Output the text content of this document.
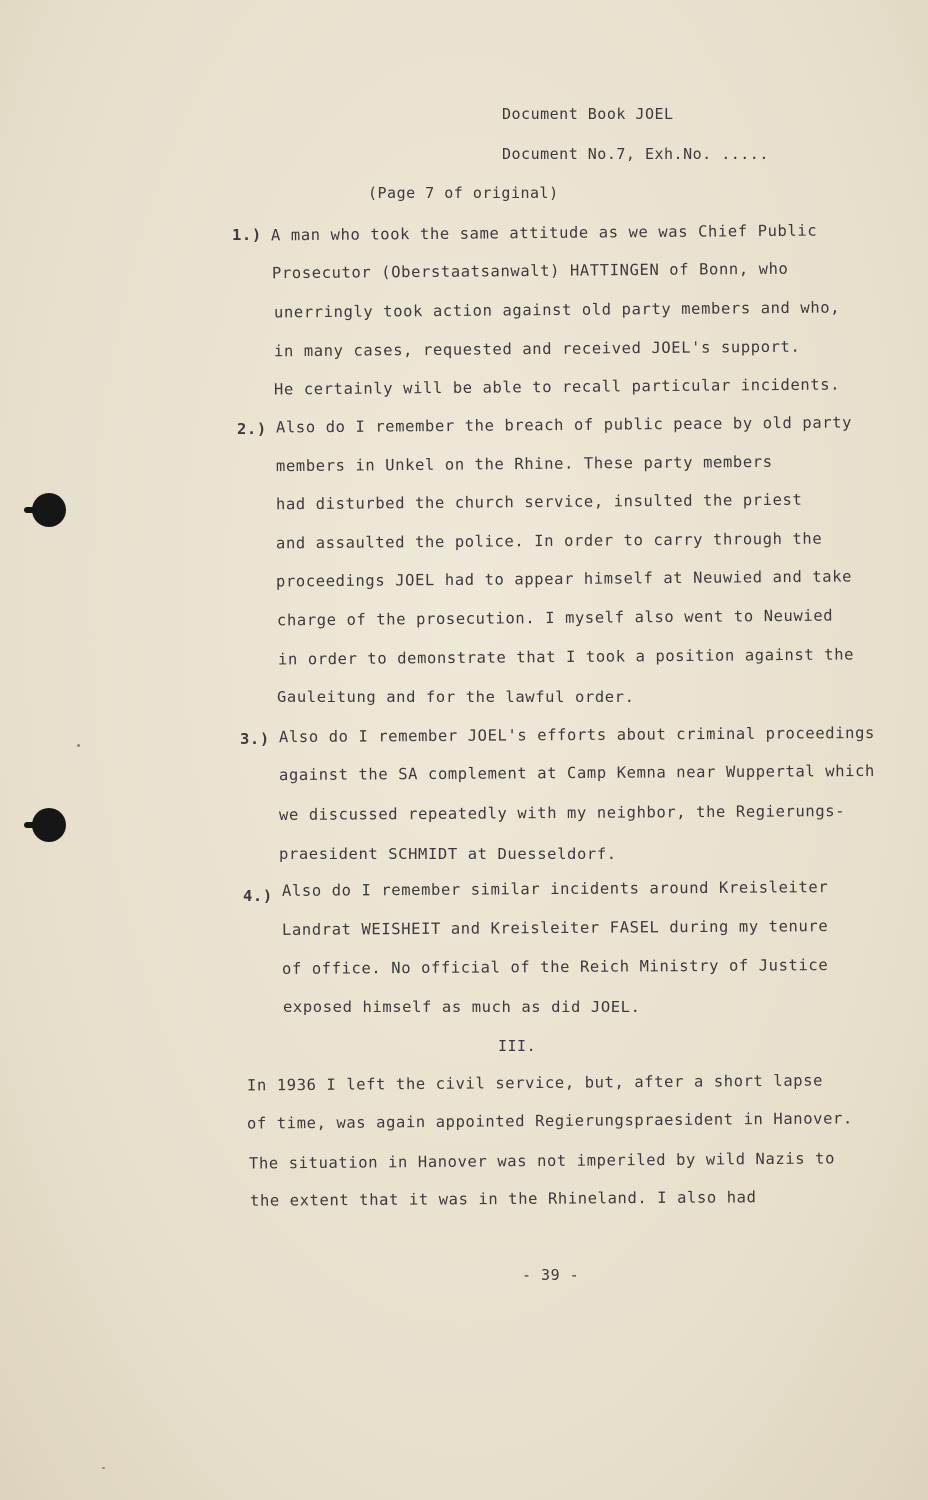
Document Book JOEL
Document No.7, Exh.No. .....
(Page 7 of original)
1.) A man who took the same attitude as we was Chief Public
Prosecutor (Oberstaatsanwalt) HATTINGEN of Bonn, who
unerringly took action against old party members and who,
in many cases, requested and received JOEL's support.
He certainly will be able to recall particular incidents.
2.) Also do I remember the breach of public peace by old party
members in Unkel on the Rhine. These party members
had disturbed the church service, insulted the priest
and assaulted the police. In order to carry through the
proceedings JOEL had to appear himself at Neuwied and take
charge of the prosecution. I myself also went to Neuwied
in order to demonstrate that I took a position against the
Gauleitung and for the lawful order.
3.) Also do I remember JOEL's efforts about criminal proceedings
against the SA complement at Camp Kemna near Wuppertal which
we discussed repeatedly with my neighbor, the Regierungs-
praesident SCHMIDT at Duesseldorf.
4.) Also do I remember similar incidents around Kreisleiter
Landrat WEISHEIT and Kreisleiter FASEL during my tenure
of office. No official of the Reich Ministry of Justice
exposed himself as much as did JOEL.
III.
In 1936 I left the civil service, but, after a short lapse
of time, was again appointed Regierungspraesident in Hanover.
The situation in Hanover was not imperiled by wild Nazis to
the extent that it was in the Rhineland. I also had
- 39 -
